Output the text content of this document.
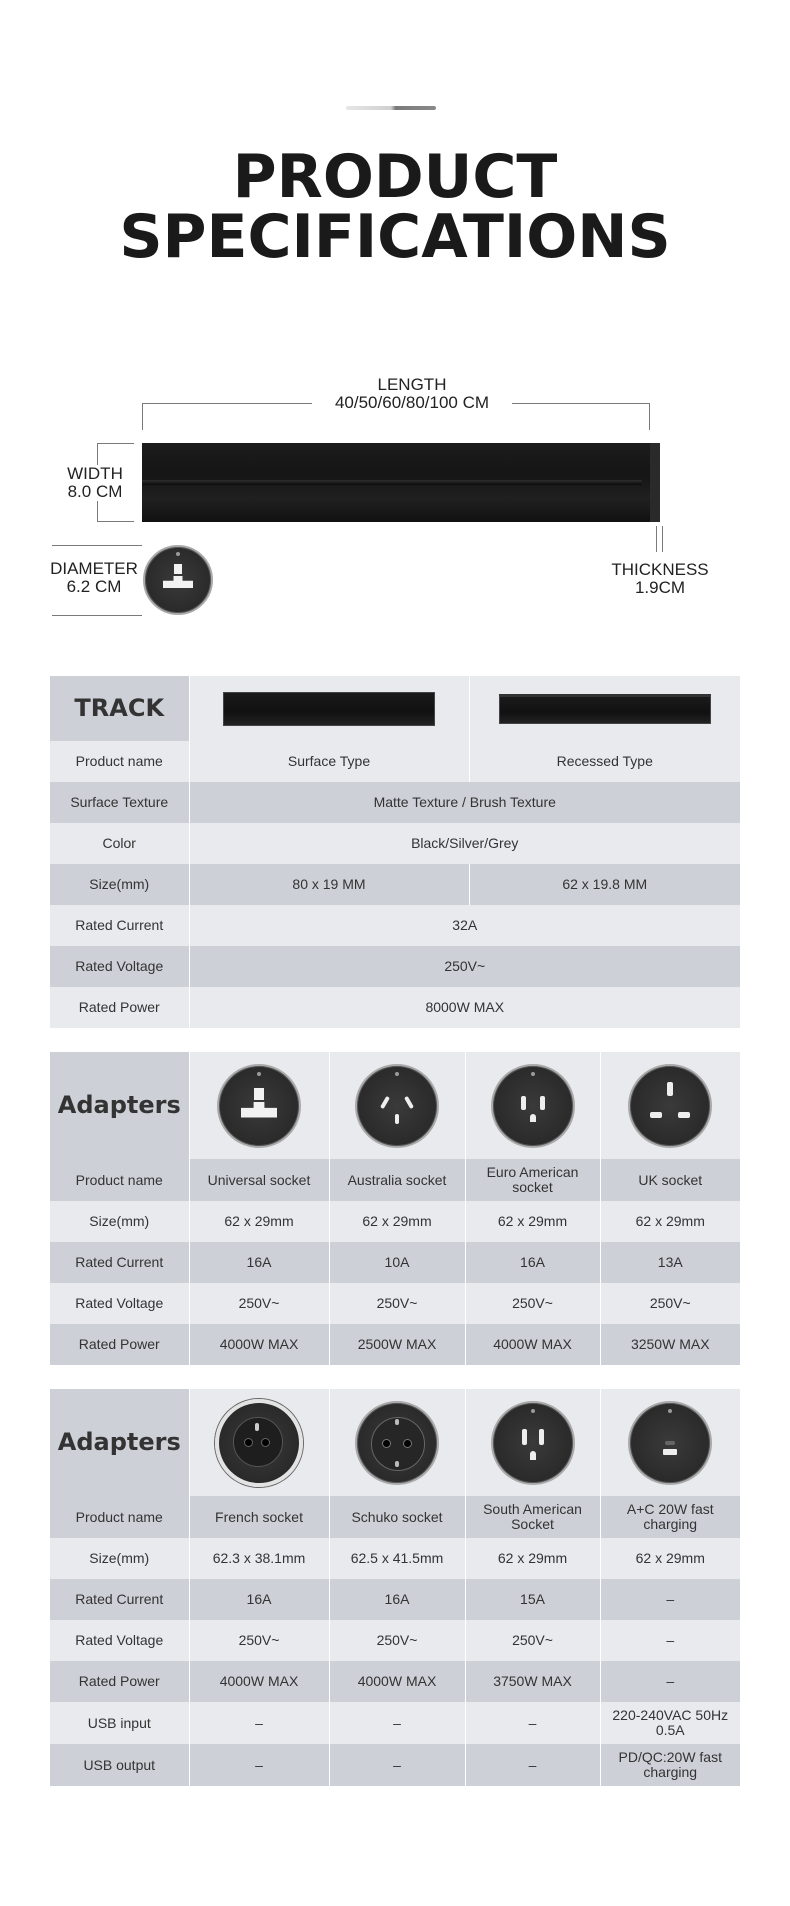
PRODUCT
SPECIFICATIONS
LENGTH
40/50/60/80/100 CM
WIDTH
8.0 CM
DIAMETER
6.2 CM
THICKNESS
1.9CM
TRACK	

Product name	Surface Type	Recessed Type
Surface Texture	Matte Texture / Brush Texture	
Color	Black/Silver/Grey	
Size(mm)	80 x 19 MM	62 x 19.8 MM
Rated Current	32A	
Rated Voltage	250V~	
Rated Power	8000W MAX	
Adapters	

Product name	Universal socket	Australia socket	Euro American socket	UK socket
Size(mm)	62 x 29mm	62 x 29mm	62 x 29mm	62 x 29mm
Rated Current	16A	10A	16A	13A
Rated Voltage	250V~	250V~	250V~	250V~
Rated Power	4000W MAX	2500W MAX	4000W MAX	3250W MAX
Adapters	

Product name	French socket	Schuko socket	South American Socket	A+C 20W fast charging
Size(mm)	62.3 x 38.1mm	62.5 x 41.5mm	62 x 29mm	62 x 29mm
Rated Current	16A	16A	15A	–
Rated Voltage	250V~	250V~	250V~	–
Rated Power	4000W MAX	4000W MAX	3750W MAX	–
USB input	–	–	–	220-240VAC 50Hz 0.5A
USB output	–	–	–	PD/QC:20W fast charging
